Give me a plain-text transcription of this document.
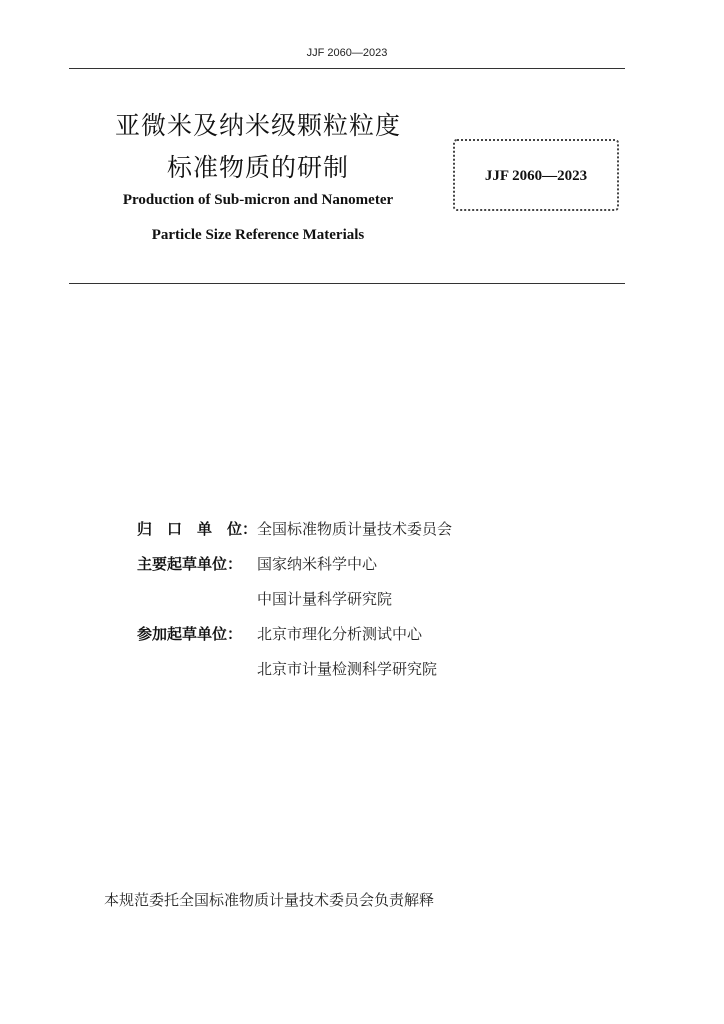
JJF 2060—2023
亚微米及纳米级颗粒粒度
标准物质的研制
Production of Sub-micron and Nanometer
Particle Size Reference Materials
JJF 2060—2023
归　口　单　位： 全国标准物质计量技术委员会
主要起草单位： 国家纳米科学中心
中国计量科学研究院
参加起草单位： 北京市理化分析测试中心
北京市计量检测科学研究院
本规范委托全国标准物质计量技术委员会负责解释
